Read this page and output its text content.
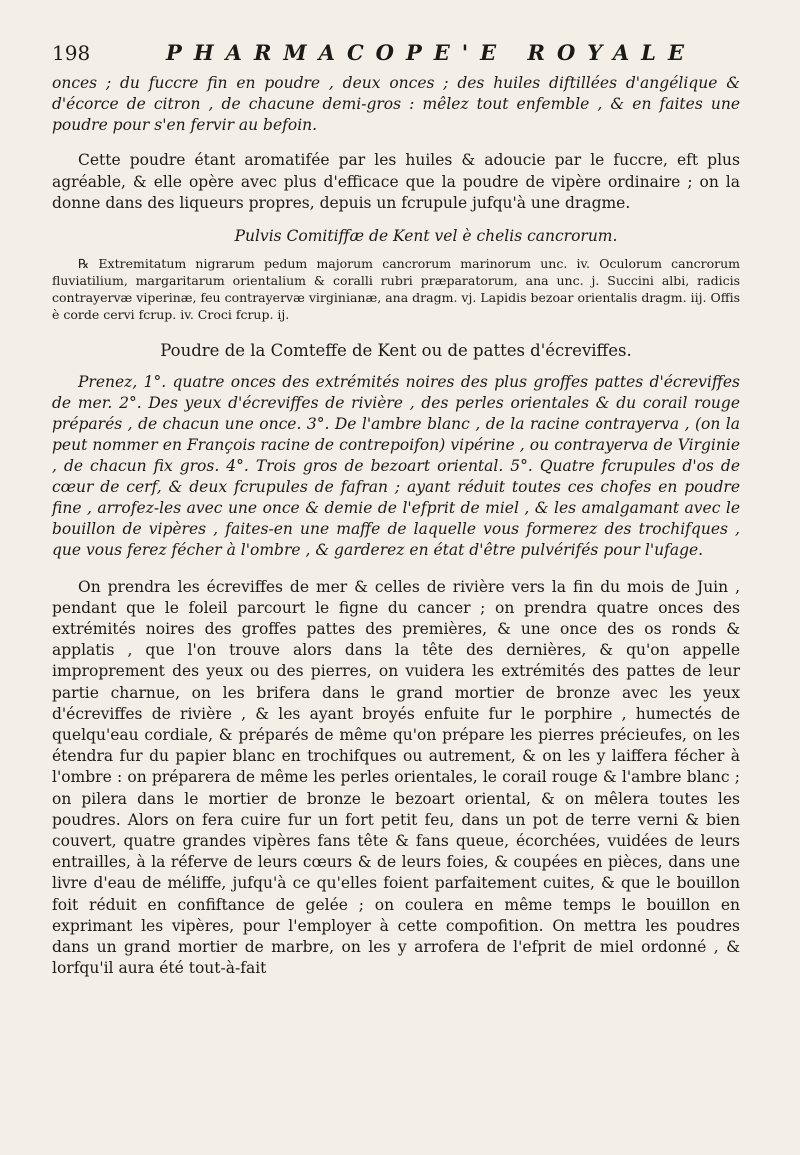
198	PHARMACOPE'E ROYALE

onces ; du fuccre fin en poudre , deux onces ; des huiles diftillées d'angélique & d'écorce de citron , de chacune demi-gros : mêlez tout enfemble , & en faites une poudre pour s'en fervir au befoin.

Cette poudre étant aromatifée par les huiles & adoucie par le fuccre, eft plus agréable, & elle opère avec plus d'efficace que la poudre de vipère ordinaire ; on la donne dans des liqueurs propres, depuis un fcrupule jufqu'à une dragme.

Pulvis Comitiffæ de Kent vel è chelis cancrorum.

℞ Extremitatum nigrarum pedum majorum cancrorum marinorum unc. iv. Oculorum cancrorum fluviatilium, margaritarum orientalium & coralli rubri præparatorum, ana unc. j. Succini albi, radicis contrayervæ viperinæ, feu contrayervæ virginianæ, ana dragm. vj. Lapidis bezoar orientalis dragm. iij. Offis è corde cervi fcrup. iv. Croci fcrup. ij.

Poudre de la Comteffe de Kent ou de pattes d'écreviffes.

Prenez, 1°. quatre onces des extrémités noires des plus groffes pattes d'écreviffes de mer. 2°. Des yeux d'écreviffes de rivière , des perles orientales & du corail rouge préparés , de chacun une once. 3°. De l'ambre blanc , de la racine contrayerva , (on la peut nommer en François racine de contrepoifon) vipérine , ou contrayerva de Virginie , de chacun fix gros. 4°. Trois gros de bezoart oriental. 5°. Quatre fcrupules d'os de cœur de cerf, & deux fcrupules de fafran ; ayant réduit toutes ces chofes en poudre fine , arrofez-les avec une once & demie de l'efprit de miel , & les amalgamant avec le bouillon de vipères , faites-en une maffe de laquelle vous formerez des trochifques , que vous ferez fécher à l'ombre , & garderez en état d'être pulvérifés pour l'ufage.

On prendra les écreviffes de mer & celles de rivière vers la fin du mois de Juin , pendant que le foleil parcourt le figne du cancer ; on prendra quatre onces des extrémités noires des groffes pattes des premières, & une once des os ronds & applatis , que l'on trouve alors dans la tête des dernières, & qu'on appelle improprement des yeux ou des pierres, on vuidera les extrémités des pattes de leur partie charnue, on les brifera dans le grand mortier de bronze avec les yeux d'écreviffes de rivière , & les ayant broyés enfuite fur le porphire , humectés de quelqu'eau cordiale, & préparés de même qu'on prépare les pierres précieufes, on les étendra fur du papier blanc en trochifques ou autrement, & on les y laiffera fécher à l'ombre : on préparera de même les perles orientales, le corail rouge & l'ambre blanc ; on pilera dans le mortier de bronze le bezoart oriental, & on mêlera toutes les poudres. Alors on fera cuire fur un fort petit feu, dans un pot de terre verni & bien couvert, quatre grandes vipères fans tête & fans queue, écorchées, vuidées de leurs entrailles, à la réferve de leurs cœurs & de leurs foies, & coupées en pièces, dans une livre d'eau de méliffe, jufqu'à ce qu'elles foient parfaitement cuites, & que le bouillon foit réduit en confiftance de gelée ; on coulera en même temps le bouillon en exprimant les vipères, pour l'employer à cette compofition. On mettra les poudres dans un grand mortier de marbre, on les y arrofera de l'efprit de miel ordonné , & lorfqu'il aura été tout-à-fait
